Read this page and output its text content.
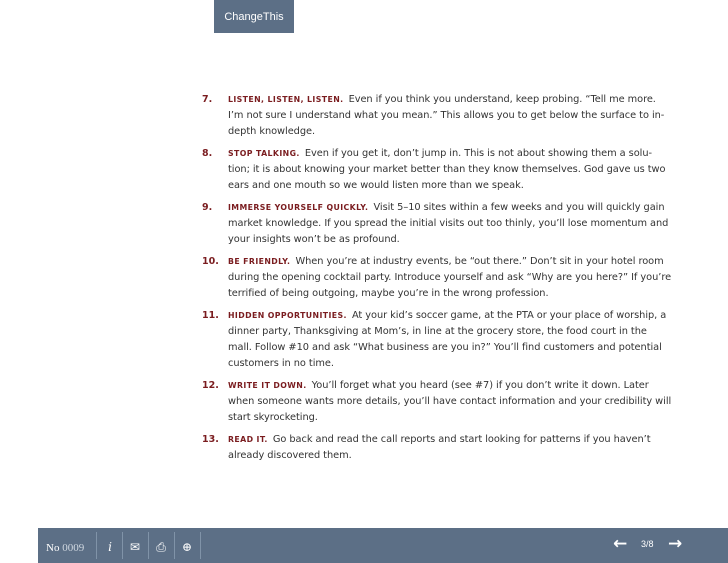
ChangeThis
7. LISTEN, LISTEN, LISTEN. Even if you think you understand, keep probing. “Tell me more. I’m not sure I understand what you mean.” This allows you to get below the surface to in-depth knowledge.
8. STOP TALKING. Even if you get it, don’t jump in. This is not about showing them a solu-tion; it is about knowing your market better than they know themselves. God gave us two ears and one mouth so we would listen more than we speak.
9. IMMERSE YOURSELF QUICKLY. Visit 5–10 sites within a few weeks and you will quickly gain market knowledge. If you spread the initial visits out too thinly, you’ll lose momentum and your insights won’t be as profound.
10. BE FRIENDLY. When you’re at industry events, be “out there.” Don’t sit in your hotel room during the opening cocktail party. Introduce yourself and ask “Why are you here?” If you’re terrified of being outgoing, maybe you’re in the wrong profession.
11. HIDDEN OPPORTUNITIES. At your kid’s soccer game, at the PTA or your place of worship, a dinner party, Thanksgiving at Mom’s, in line at the grocery store, the food court in the mall. Follow #10 and ask “What business are you in?” You’ll find customers and potential customers in no time.
12. WRITE IT DOWN. You’ll forget what you heard (see #7) if you don’t write it down. Later when someone wants more details, you’ll have contact information and your credibility will start skyrocketing.
13. READ IT. Go back and read the call reports and start looking for patterns if you haven’t already discovered them.
No 0009	i	✉	⎙	⊕	← 3/8 →
